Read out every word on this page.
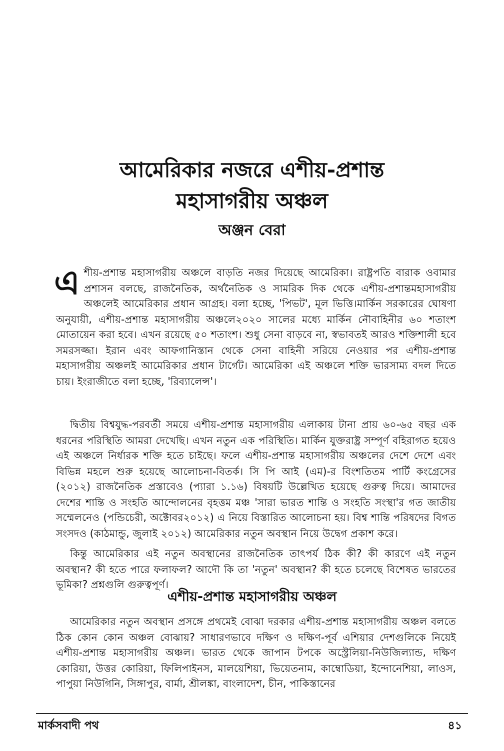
আমেরিকার নজরে এশীয়-প্রশান্ত
মহাসাগরীয় অঞ্চল
অঞ্জন বেরা

এশীয়-প্রশান্ত মহাসাগরীয় অঞ্চলে বাড়তি নজর দিয়েছে আমেরিকা। রাষ্ট্রপতি বারাক ওবামার প্রশাসন বলছে, রাজনৈতিক, অর্থনৈতিক ও সামরিক দিক থেকে এশীয়-প্রশান্তমহাসাগরীয় অঞ্চলেই আমেরিকার প্রধান আগ্রহ। বলা হচ্ছে, 'পিভট', মূল ভিত্তি।মার্কিন সরকারের ঘোষণা অনুযায়ী, এশীয়-প্রশান্ত মহাসাগরীয় অঞ্চলে২০২০ সালের মধ্যে মার্কিন নৌবাহিনীর ৬০ শতাংশ মোতায়েন করা হবে। এখন রয়েছে ৫০ শতাংশ। শুধু সেনা বাড়বে না, স্বভাবতই আরও শক্তিশালী হবে সমরসজ্জা। ইরান এবং আফগানিস্তান থেকে সেনা বাহিনী সরিয়ে নেওয়ার পর এশীয়-প্রশান্ত মহাসাগরীয় অঞ্চলই আমেরিকার প্রধান টার্গেট। আমেরিকা এই অঞ্চলে শক্তি ভারসাম্য বদল দিতে চায়। ইংরাজীতে বলা হচ্ছে, 'রিব্যালেন্স'।

দ্বিতীয় বিশ্বযুদ্ধ-পরবর্তী সময়ে এশীয়-প্রশান্ত মহাসাগরীয় এলাকায় টানা প্রায় ৬০-৬৫ বছর এক ধরনের পরিস্থিতি আমরা দেখেছি। এখন নতুন এক পরিস্থিতি। মার্কিন যুক্তরাষ্ট্র সম্পূর্ণ বহিরাগত হয়েও এই অঞ্চলে নির্ধারক শক্তি হতে চাইছে। ফলে এশীয়-প্রশান্ত মহাসাগরীয় অঞ্চলের দেশে দেশে এবং বিভিন্ন মহলে শুরু হয়েছে আলোচনা-বিতর্ক। সি পি আই (এম)-র বিংশতিতম পার্টি কংগ্রেসের (২০১২) রাজনৈতিক প্রস্তাবেও (প্যারা ১.১৬) বিষয়টি উল্লেখিত হয়েছে গুরুত্ব দিয়ে। আমাদের দেশের শান্তি ও সংহতি আন্দোলনের বৃহত্তম মঞ্চ 'সারা ভারত শান্তি ও সংহতি সংস্থা'র গত জাতীয় সম্মেলনেও (পন্ডিচেরী, অক্টোবর২০১২) এ নিয়ে বিস্তারিত আলোচনা হয়। বিশ্ব শান্তি পরিষদের বিগত সংসদও (কাঠমান্ডু, জুলাই ২০১২) আমেরিকার নতুন অবস্থান নিয়ে উদ্বেগ প্রকাশ করে।

কিন্তু আমেরিকার এই নতুন অবস্থানের রাজনৈতিক তাৎপর্য ঠিক কী? কী কারণে এই নতুন অবস্থান? কী হতে পারে ফলাফল? আদৌ কি তা 'নতুন' অবস্থান? কী হতে চলেছে বিশেষত ভারতের ভূমিকা? প্রশ্নগুলি গুরুত্বপূর্ণ।

এশীয়-প্রশান্ত মহাসাগরীয় অঞ্চল

আমেরিকার নতুন অবস্থান প্রসঙ্গে প্রথমেই বোঝা দরকার এশীয়-প্রশান্ত মহাসাগরীয় অঞ্চল বলতে ঠিক কোন কোন অঞ্চল বোঝায়? সাধারণভাবে দক্ষিণ ও দক্ষিণ-পূর্ব এশিয়ার দেশগুলিকে নিয়েই এশীয়-প্রশান্ত মহাসাগরীয় অঞ্চল। ভারত থেকে জাপান টপকে অস্ট্রেলিয়া-নিউজিল্যান্ড, দক্ষিণ কোরিয়া, উত্তর কোরিয়া, ফিলিপাইনস, মালয়েশিয়া, ভিয়েতনাম, কাম্বোডিয়া, ইন্দোনেশিয়া, লাওস, পাপুয়া নিউগিনি, সিঙ্গাপুর, বার্মা, শ্রীলঙ্কা, বাংলাদেশ, চীন, পাকিস্তানের

মার্কসবাদী পথ	৪১
